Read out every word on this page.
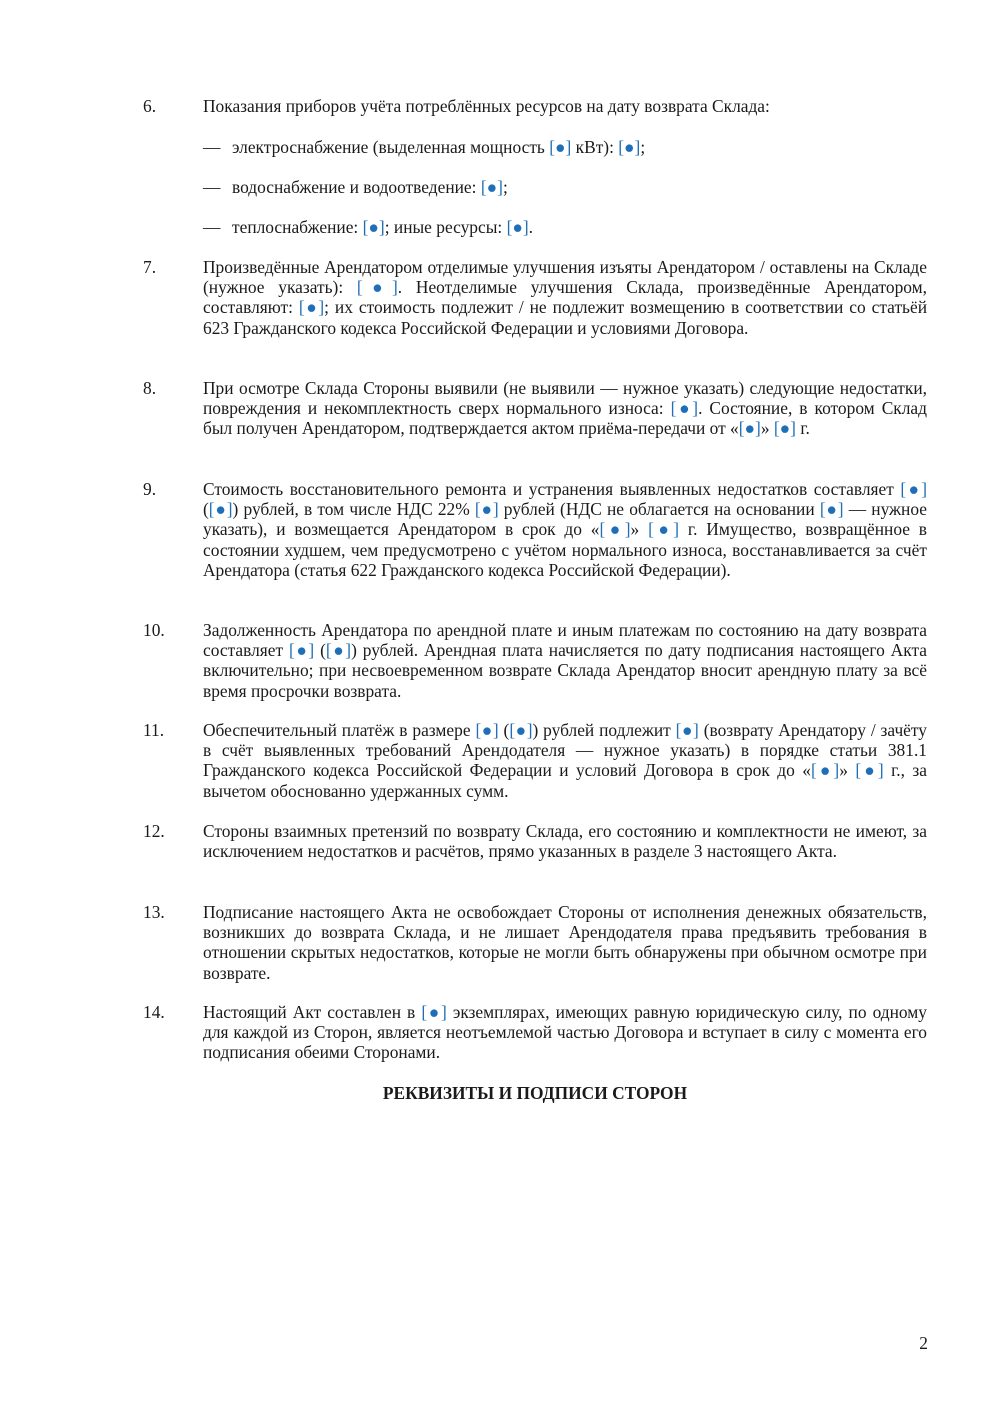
6.	Показания приборов учёта потреблённых ресурсов на дату возврата Склада:
— электроснабжение (выделенная мощность [●] кВт): [●];
— водоснабжение и водоотведение: [●];
— теплоснабжение: [●]; иные ресурсы: [●].
7.	Произведённые Арендатором отделимые улучшения изъяты Арендатором / оставлены на Складе (нужное указать): [●]. Неотделимые улучшения Склада, произведённые Арендатором, составляют: [●]; их стоимость подлежит / не подлежит возмещению в соответствии со статьёй 623 Гражданского кодекса Российской Федерации и условиями Договора.
8.	При осмотре Склада Стороны выявили (не выявили — нужное указать) следующие недостатки, повреждения и некомплектность сверх нормального износа: [●]. Состояние, в котором Склад был получен Арендатором, подтверждается актом приёма-передачи от «[●]» [●] г.
9.	Стоимость восстановительного ремонта и устранения выявленных недостатков составляет [●] ([●]) рублей, в том числе НДС 22% [●] рублей (НДС не облагается на основании [●] — нужное указать), и возмещается Арендатором в срок до «[●]» [●] г. Имущество, возвращённое в состоянии худшем, чем предусмотрено с учётом нормального износа, восстанавливается за счёт Арендатора (статья 622 Гражданского кодекса Российской Федерации).
10.	Задолженность Арендатора по арендной плате и иным платежам по состоянию на дату возврата составляет [●] ([●]) рублей. Арендная плата начисляется по дату подписания настоящего Акта включительно; при несвоевременном возврате Склада Арендатор вносит арендную плату за всё время просрочки возврата.
11.	Обеспечительный платёж в размере [●] ([●]) рублей подлежит [●] (возврату Арендатору / зачёту в счёт выявленных требований Арендодателя — нужное указать) в порядке статьи 381.1 Гражданского кодекса Российской Федерации и условий Договора в срок до «[●]» [●] г., за вычетом обоснованно удержанных сумм.
12.	Стороны взаимных претензий по возврату Склада, его состоянию и комплектности не имеют, за исключением недостатков и расчётов, прямо указанных в разделе 3 настоящего Акта.
13.	Подписание настоящего Акта не освобождает Стороны от исполнения денежных обязательств, возникших до возврата Склада, и не лишает Арендодателя права предъявить требования в отношении скрытых недостатков, которые не могли быть обнаружены при обычном осмотре при возврате.
14.	Настоящий Акт составлен в [●] экземплярах, имеющих равную юридическую силу, по одному для каждой из Сторон, является неотъемлемой частью Договора и вступает в силу с момента его подписания обеими Сторонами.
РЕКВИЗИТЫ И ПОДПИСИ СТОРОН
2
